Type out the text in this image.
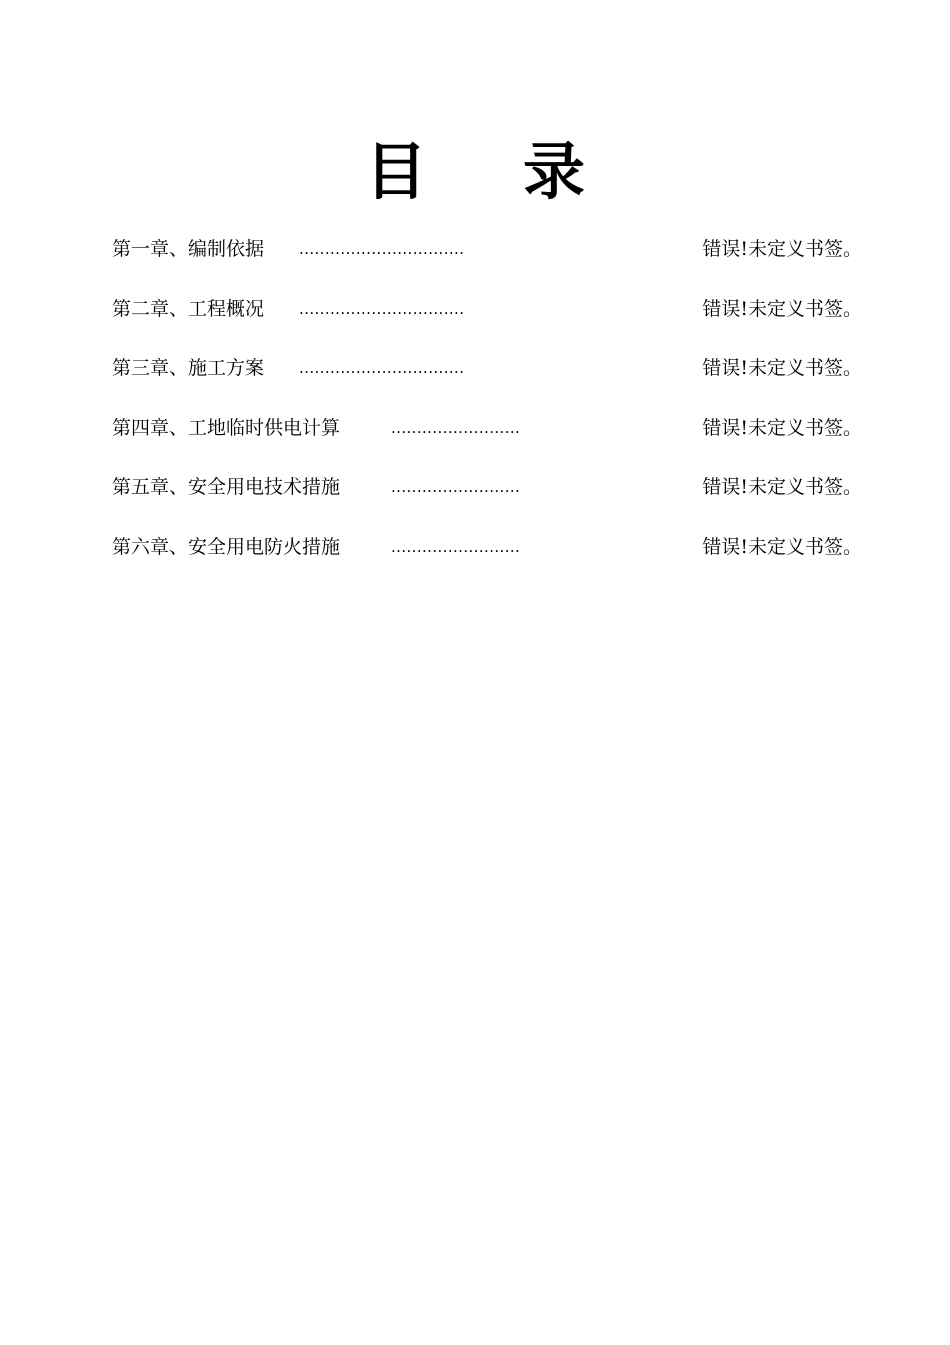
目 录
第一章、编制依据 ................................	错误!未定义书签。
第二章、工程概况 ................................	错误!未定义书签。
第三章、施工方案 ................................	错误!未定义书签。
第四章、工地临时供电计算	.........................	错误!未定义书签。
第五章、安全用电技术措施	.........................	错误!未定义书签。
第六章、安全用电防火措施	.........................	错误!未定义书签。
